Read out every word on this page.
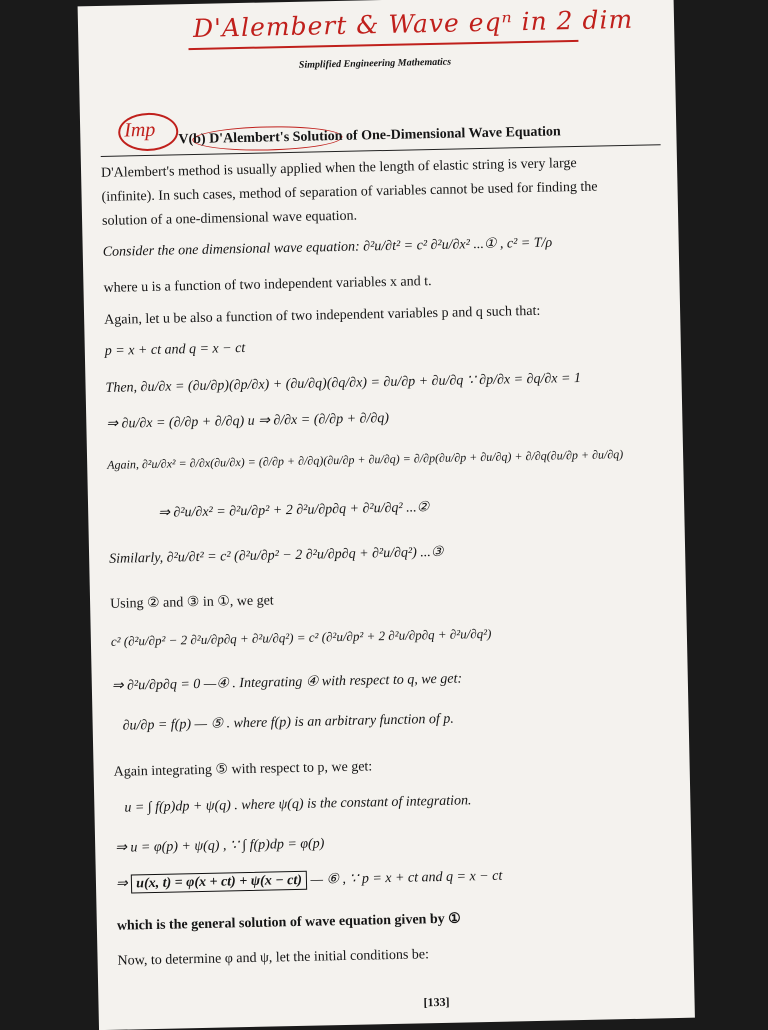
D'Alembert & Wave eqⁿ in 2 dim
Simplified Engineering Mathematics
Imp V(b) D'Alembert's Solution of One-Dimensional Wave Equation
D'Alembert's method is usually applied when the length of elastic string is very large
(infinite). In such cases, method of separation of variables cannot be used for finding the
solution of a one-dimensional wave equation.
Consider the one dimensional wave equation: ∂²u/∂t² = c² ∂²u/∂x² ...① , c² = T/ρ
where u is a function of two independent variables x and t.
Again, let u be also a function of two independent variables p and q such that:
p = x + ct and q = x − ct
Then, ∂u/∂x = (∂u/∂p)(∂p/∂x) + (∂u/∂q)(∂q/∂x) = ∂u/∂p + ∂u/∂q ∵ ∂p/∂x = ∂q/∂x = 1
⇒ ∂u/∂x = (∂/∂p + ∂/∂q) u ⇒ ∂/∂x = (∂/∂p + ∂/∂q)
Again, ∂²u/∂x² = ∂/∂x(∂u/∂x) = (∂/∂p + ∂/∂q)(∂u/∂p + ∂u/∂q) = ∂/∂p(∂u/∂p + ∂u/∂q) + ∂/∂q(∂u/∂p + ∂u/∂q)
⇒ ∂²u/∂x² = ∂²u/∂p² + 2 ∂²u/∂p∂q + ∂²u/∂q² ...②
Similarly, ∂²u/∂t² = c² (∂²u/∂p² − 2 ∂²u/∂p∂q + ∂²u/∂q²) ...③
Using ② and ③ in ①, we get
c² (∂²u/∂p² − 2 ∂²u/∂p∂q + ∂²u/∂q²) = c² (∂²u/∂p² + 2 ∂²u/∂p∂q + ∂²u/∂q²)
⇒ ∂²u/∂p∂q = 0 —④ . Integrating ④ with respect to q, we get:
∂u/∂p = f(p) — ⑤ . where f(p) is an arbitrary function of p.
Again integrating ⑤ with respect to p, we get:
u = ∫ f(p)dp + ψ(q) . where ψ(q) is the constant of integration.
⇒ u = φ(p) + ψ(q) , ∵ ∫ f(p)dp = φ(p)
⇒ u(x, t) = φ(x + ct) + ψ(x − ct) — ⑥ , ∵ p = x + ct and q = x − ct
which is the general solution of wave equation given by ①
Now, to determine φ and ψ, let the initial conditions be:
[133]
